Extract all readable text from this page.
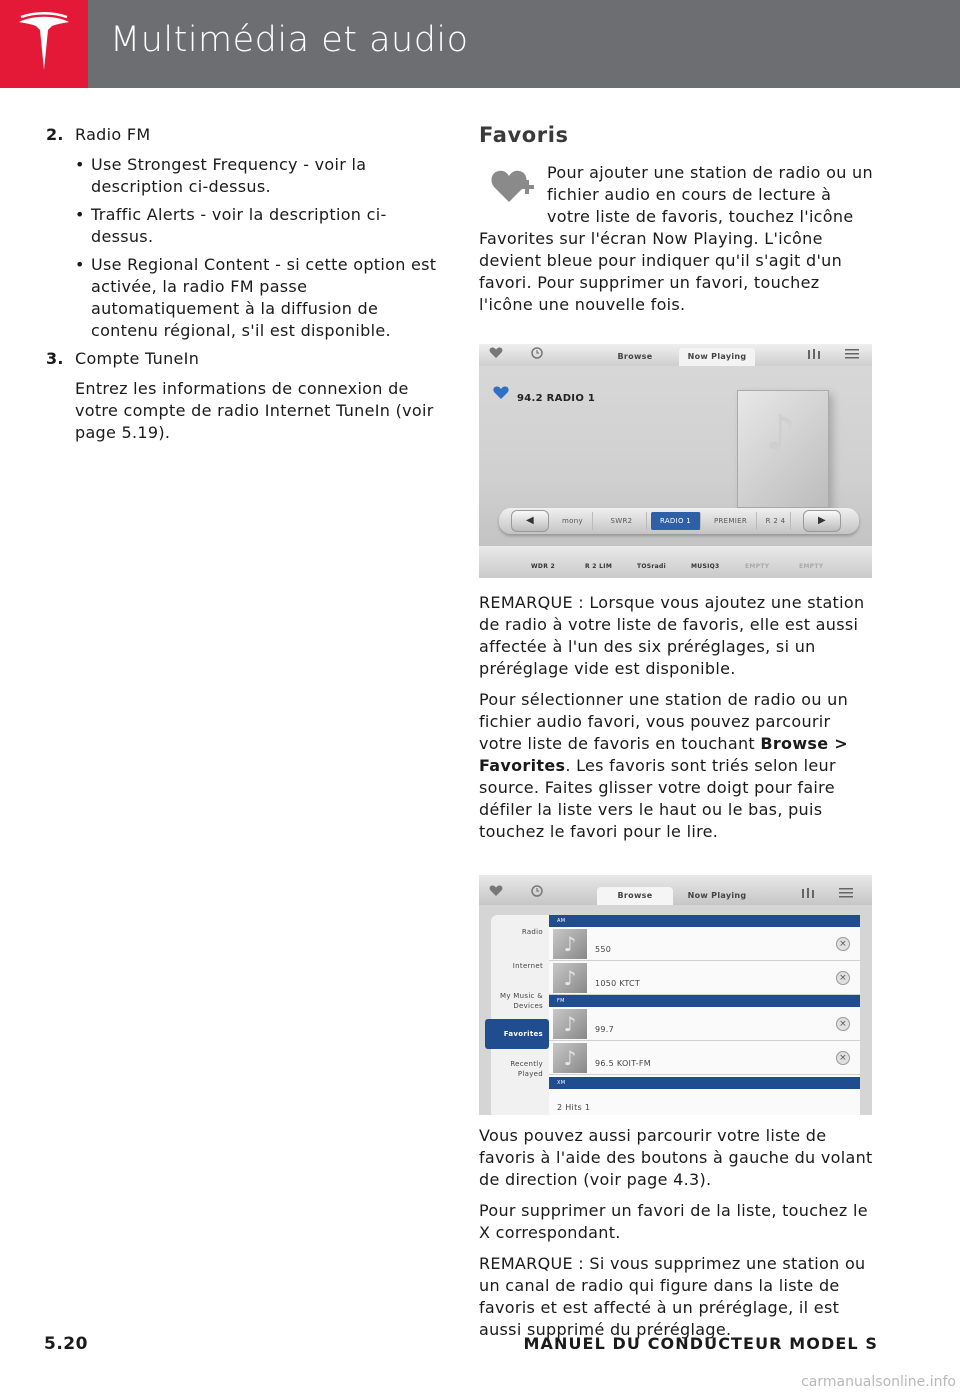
Multimédia et audio
2. Radio FM
• Use Strongest Frequency - voir la description ci-dessus.
• Traffic Alerts - voir la description ci-dessus.
• Use Regional Content - si cette option est activée, la radio FM passe automatiquement à la diffusion de contenu régional, s'il est disponible.
3. Compte TuneIn
Entrez les informations de connexion de votre compte de radio Internet TuneIn (voir page 5.19).
Favoris
Pour ajouter une station de radio ou un fichier audio en cours de lecture à votre liste de favoris, touchez l'icône Favorites sur l'écran Now Playing. L'icône devient bleue pour indiquer qu'il s'agit d'un favori. Pour supprimer un favori, touchez l'icône une nouvelle fois.
Browse	Now Playing
94.2 RADIO 1
♪
◀	▶
mony	SWR2	RADIO 1	PREMIER	R 2 4
WDR 2	R 2 LIM	TOSradi	MUSIQ3	EMPTY	EMPTY
REMARQUE : Lorsque vous ajoutez une station de radio à votre liste de favoris, elle est aussi affectée à l'un des six préréglages, si un préréglage vide est disponible.
Pour sélectionner une station de radio ou un fichier audio favori, vous pouvez parcourir votre liste de favoris en touchant Browse > Favorites. Les favoris sont triés selon leur source. Faites glisser votre doigt pour faire défiler la liste vers le haut ou le bas, puis touchez le favori pour le lire.
Browse	Now Playing
Radio
Internet
My Music & Devices
Favorites
Recently Played
AM
♪	550
×
♪	1050 KTCT
×
FM
♪	99.7
×
♪	96.5 KOIT-FM
×
XM
2 Hits 1
Vous pouvez aussi parcourir votre liste de favoris à l'aide des boutons à gauche du volant de direction (voir page 4.3).
Pour supprimer un favori de la liste, touchez le X correspondant.
REMARQUE : Si vous supprimez une station ou un canal de radio qui figure dans la liste de favoris et est affecté à un préréglage, il est aussi supprimé du préréglage.
5.20	MANUEL DU CONDUCTEUR MODEL S
carmanualsonline.info
